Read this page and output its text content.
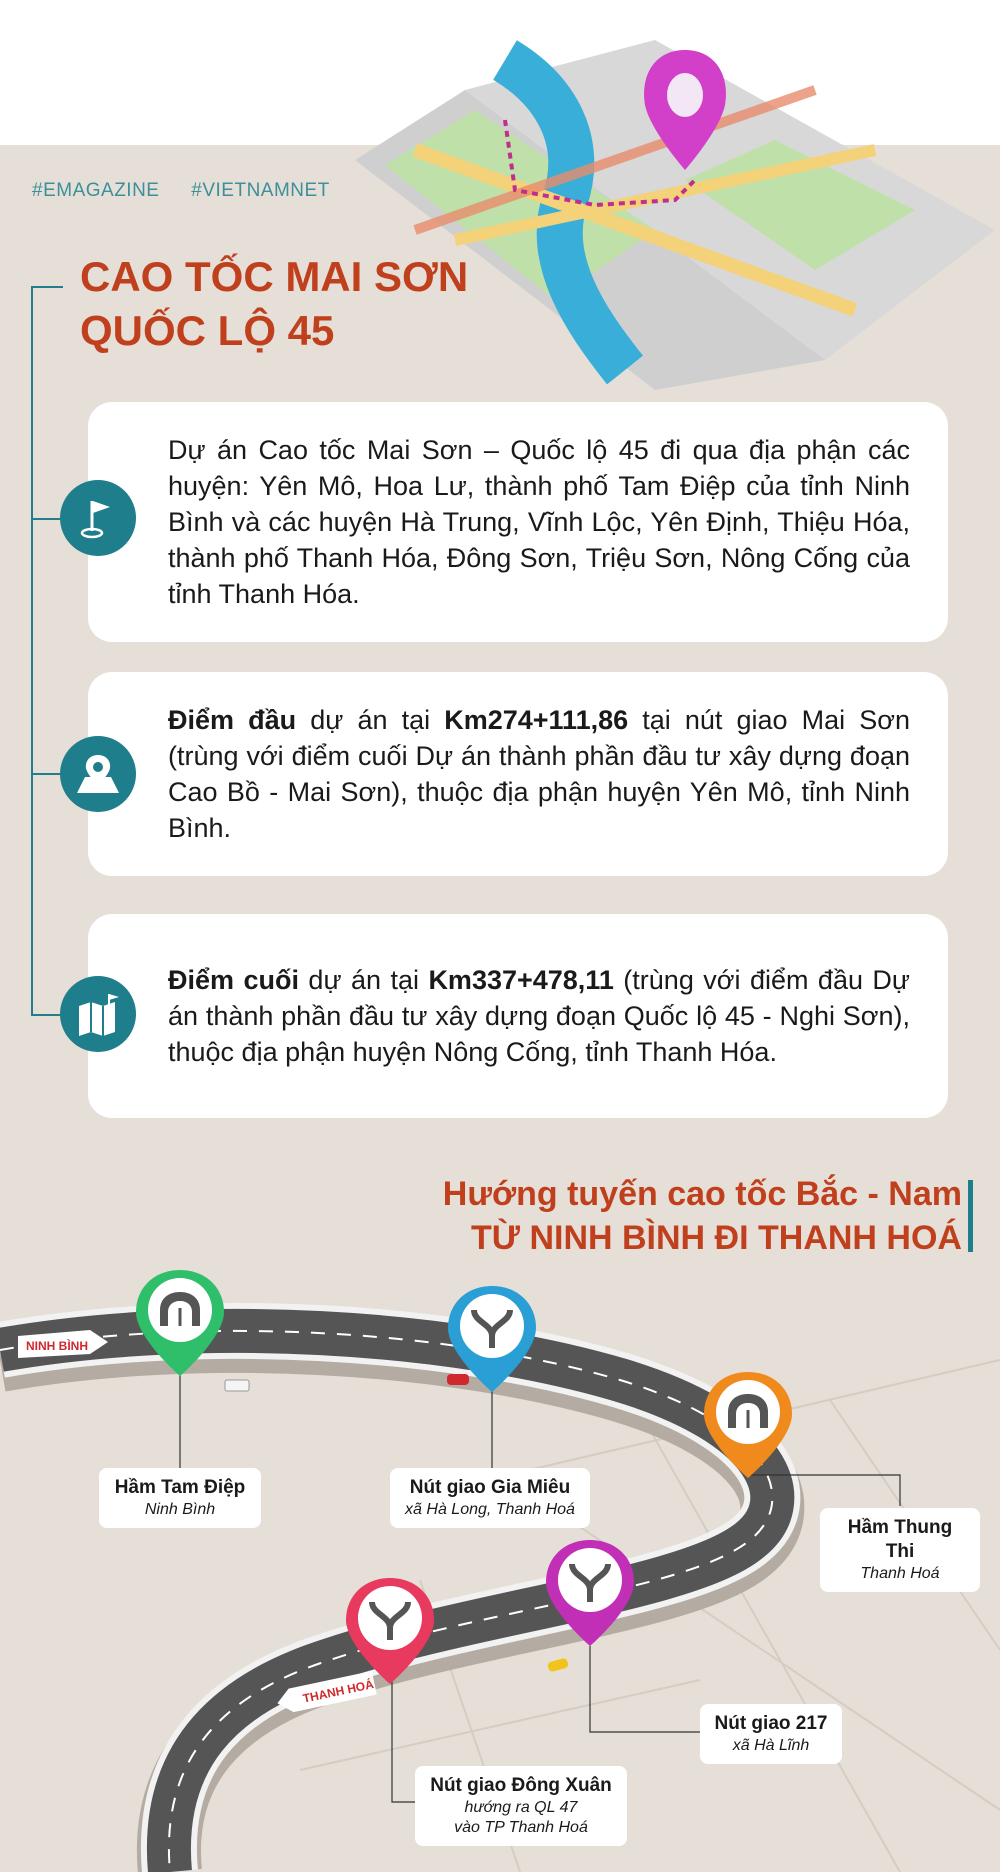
#EMAGAZINE #VIETNAMNET
CAO TỐC MAI SƠN
QUỐC LỘ 45
Dự án Cao tốc Mai Sơn – Quốc lộ 45 đi qua địa phận các huyện: Yên Mô, Hoa Lư, thành phố Tam Điệp của tỉnh Ninh Bình và các huyện Hà Trung, Vĩnh Lộc, Yên Định, Thiệu Hóa, thành phố Thanh Hóa, Đông Sơn, Triệu Sơn, Nông Cống của tỉnh Thanh Hóa.
Điểm đầu dự án tại Km274+111,86 tại nút giao Mai Sơn (trùng với điểm cuối Dự án thành phần đầu tư xây dựng đoạn Cao Bồ - Mai Sơn), thuộc địa phận huyện Yên Mô, tỉnh Ninh Bình.
Điểm cuối dự án tại Km337+478,11 (trùng với điểm đầu Dự án thành phần đầu tư xây dựng đoạn Quốc lộ 45 - Nghi Sơn), thuộc địa phận huyện Nông Cống, tỉnh Thanh Hóa.
Hướng tuyến cao tốc Bắc - Nam
TỪ NINH BÌNH ĐI THANH HOÁ
NINH BÌNH
THANH HOÁ
Hầm Tam Điệp
Ninh Bình
Nút giao Gia Miêu
xã Hà Long, Thanh Hoá
Hầm Thung Thi
Thanh Hoá
Nút giao 217
xã Hà Lĩnh
Nút giao Đông Xuân
hướng ra QL 47
vào TP Thanh Hoá
